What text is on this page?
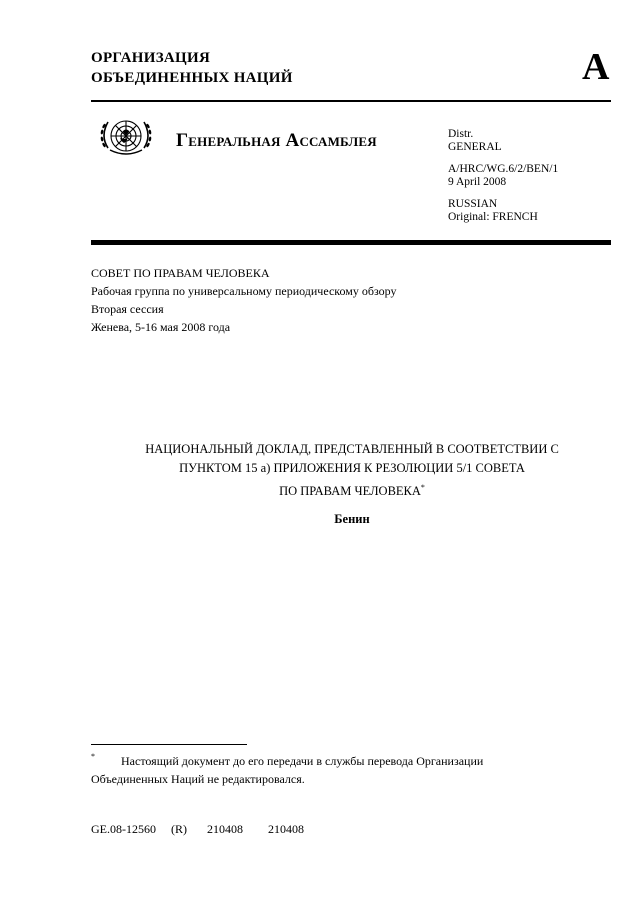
ОРГАНИЗАЦИЯ
ОБЪЕДИНЕННЫХ НАЦИЙ	A
Генеральная Ассамблея	Distr.
GENERAL
A/HRC/WG.6/2/BEN/1
9 April 2008
RUSSIAN
Original: FRENCH
СОВЕТ ПО ПРАВАМ ЧЕЛОВЕКА
Рабочая группа по универсальному периодическому обзору
Вторая сессия
Женева, 5-16 мая 2008 года
НАЦИОНАЛЬНЫЙ ДОКЛАД, ПРЕДСТАВЛЕННЫЙ В СООТВЕТСТВИИ С
ПУНКТОМ 15 a) ПРИЛОЖЕНИЯ К РЕЗОЛЮЦИИ 5/1 СОВЕТА
ПО ПРАВАМ ЧЕЛОВЕКА*
Бенин
*	Настоящий документ до его передачи в службы перевода Организации
Объединенных Наций не редактировался.
GE.08-12560   (R)    210408     210408
